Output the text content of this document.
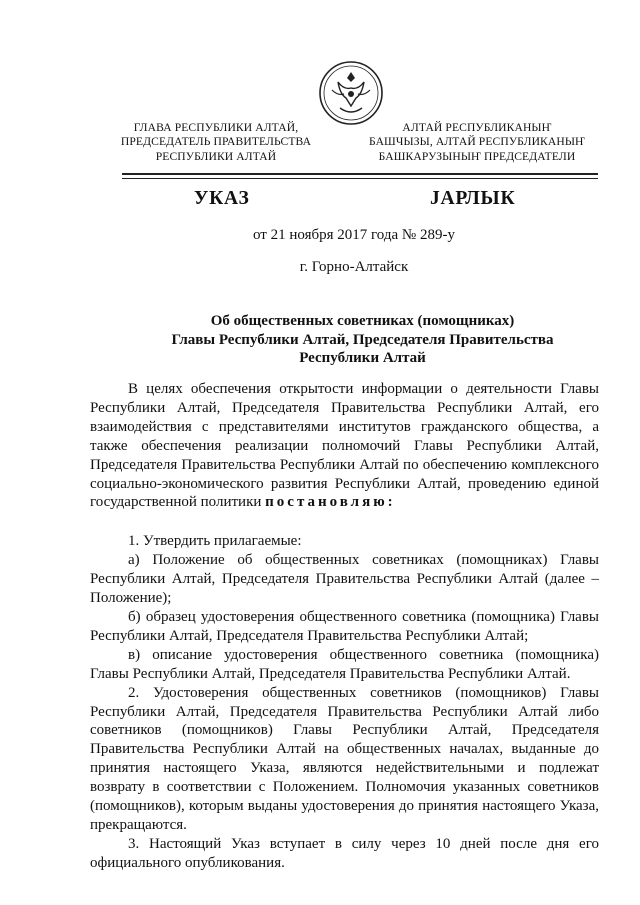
ГЛАВА РЕСПУБЛИКИ АЛТАЙ,
ПРЕДСЕДАТЕЛЬ ПРАВИТЕЛЬСТВА
РЕСПУБЛИКИ АЛТАЙ
АЛТАЙ РЕСПУБЛИКАНЫҤ
БАШЧЫЗЫ, АЛТАЙ РЕСПУБЛИКАНЫҤ
БАШКАРУЗЫНЫҤ ПРЕДСЕДАТЕЛИ
УКАЗ	JАРЛЫК
от 21 ноября 2017 года № 289-у
г. Горно-Алтайск
Об общественных советниках (помощниках)
Главы Республики Алтай, Председателя Правительства
Республики Алтай

В целях обеспечения открытости информации о деятельности Главы Республики Алтай, Председателя Правительства Республики Алтай, его взаимодействия с представителями институтов гражданского общества, а также обеспечения реализации полномочий Главы Республики Алтай, Председателя Правительства Республики Алтай по обеспечению комплексного социально-экономического развития Республики Алтай, проведению единой государственной политики постановляю:

1. Утвердить прилагаемые:

а) Положение об общественных советниках (помощниках) Главы Республики Алтай, Председателя Правительства Республики Алтай (далее – Положение);

б) образец удостоверения общественного советника (помощника) Главы Республики Алтай, Председателя Правительства Республики Алтай;

в) описание удостоверения общественного советника (помощника) Главы Республики Алтай, Председателя Правительства Республики Алтай.

2. Удостоверения общественных советников (помощников) Главы Республики Алтай, Председателя Правительства Республики Алтай либо советников (помощников) Главы Республики Алтай, Председателя Правительства Республики Алтай на общественных началах, выданные до принятия настоящего Указа, являются недействительными и подлежат возврату в соответствии с Положением. Полномочия указанных советников (помощников), которым выданы удостоверения до принятия настоящего Указа, прекращаются.

3. Настоящий Указ вступает в силу через 10 дней после дня его официального опубликования.
